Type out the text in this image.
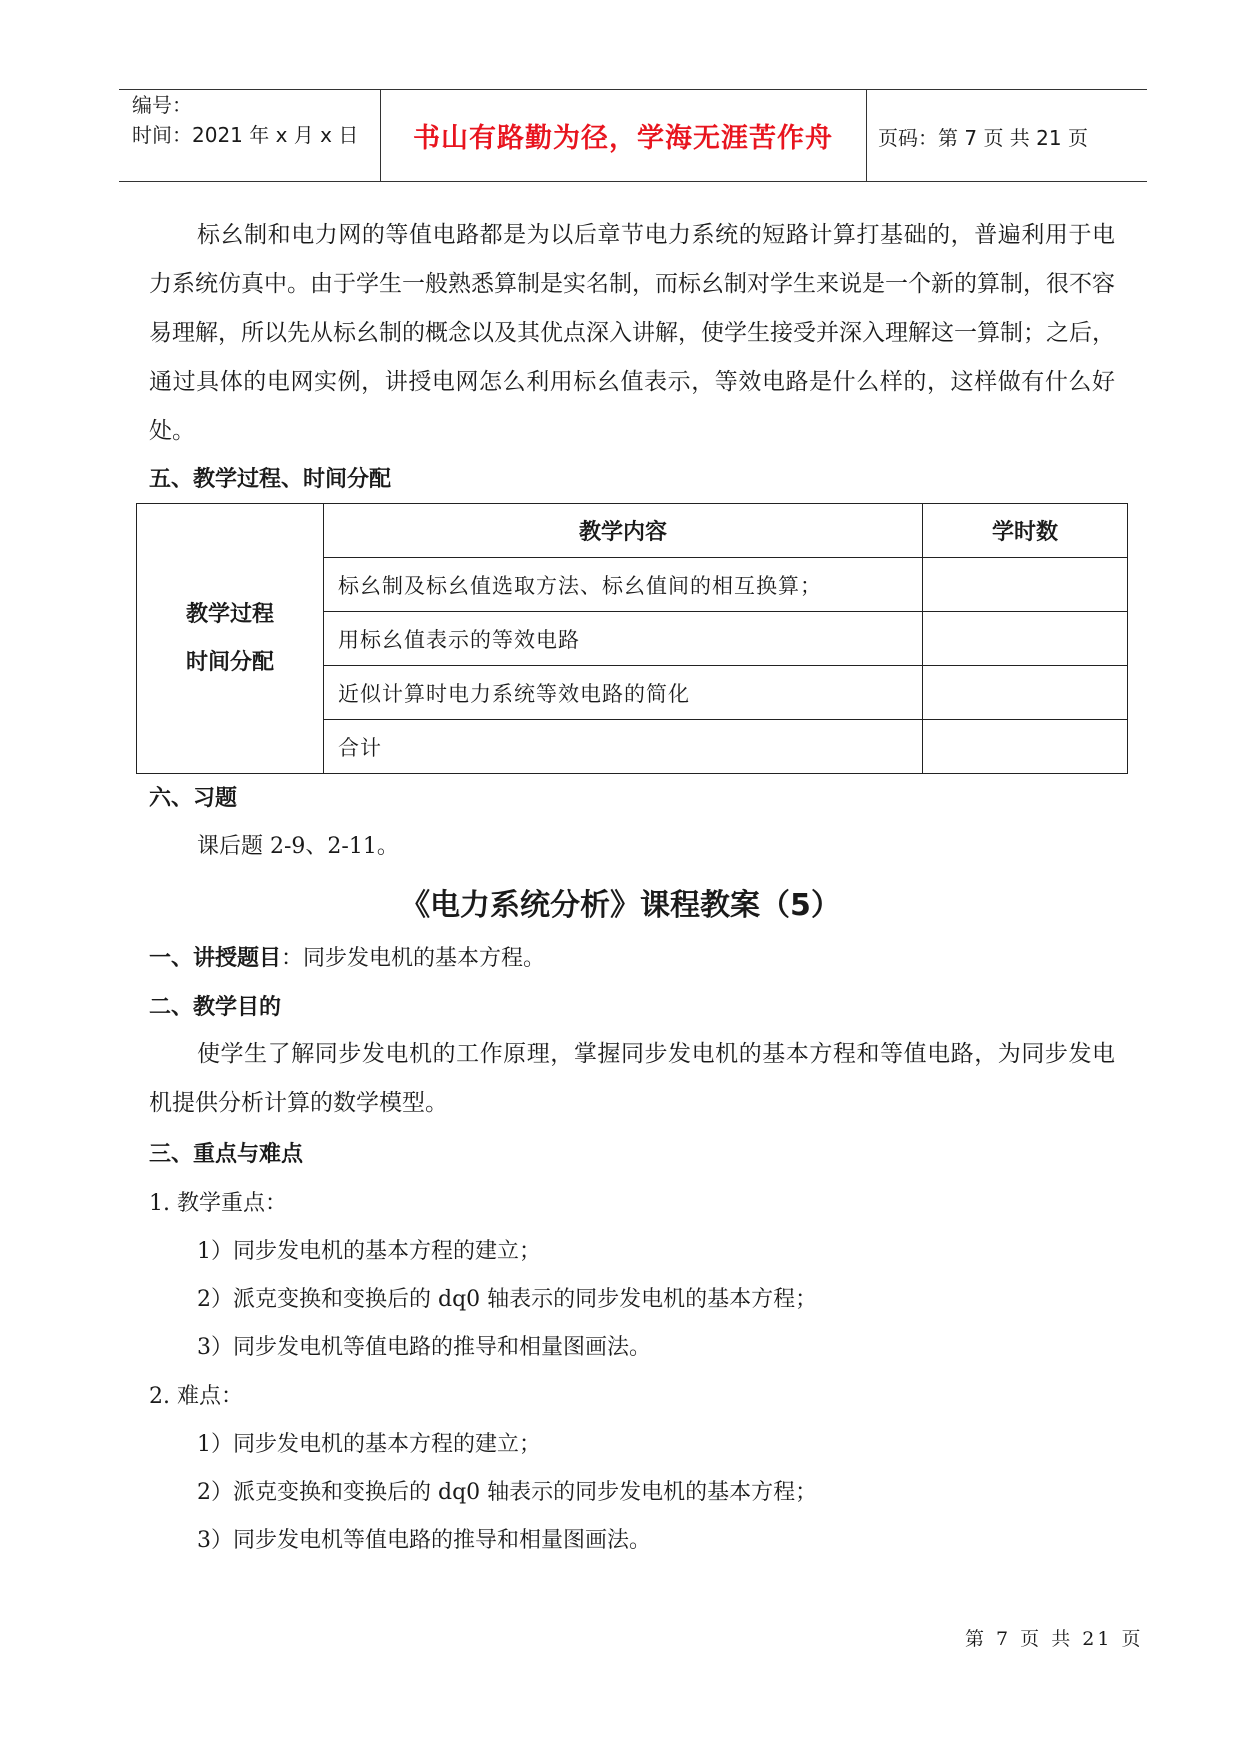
编号：
时间：2021 年 x 月 x 日	书山有路勤为径，学海无涯苦作舟	页码：第 7 页 共 21 页
标幺制和电力网的等值电路都是为以后章节电力系统的短路计算打基础的，普遍利用于电力系统仿真中。由于学生一般熟悉算制是实名制，而标幺制对学生来说是一个新的算制，很不容易理解，所以先从标幺制的概念以及其优点深入讲解，使学生接受并深入理解这一算制；之后，通过具体的电网实例，讲授电网怎么利用标幺值表示，等效电路是什么样的，这样做有什么好处。
五、教学过程、时间分配
教学过程
时间分配	教学内容	学时数
	标幺制及标幺值选取方法、标幺值间的相互换算；	
	用标幺值表示的等效电路	
	近似计算时电力系统等效电路的简化	
	合计	
六、习题
课后题 2-9、2-11。
《电力系统分析》课程教案（5）
一、讲授题目：同步发电机的基本方程。
二、教学目的
使学生了解同步发电机的工作原理，掌握同步发电机的基本方程和等值电路，为同步发电机提供分析计算的数学模型。
三、重点与难点
1. 教学重点：
1）同步发电机的基本方程的建立；
2）派克变换和变换后的 dq0 轴表示的同步发电机的基本方程；
3）同步发电机等值电路的推导和相量图画法。
2. 难点：
1）同步发电机的基本方程的建立；
2）派克变换和变换后的 dq0 轴表示的同步发电机的基本方程；
3）同步发电机等值电路的推导和相量图画法。
第 7 页 共 21 页
